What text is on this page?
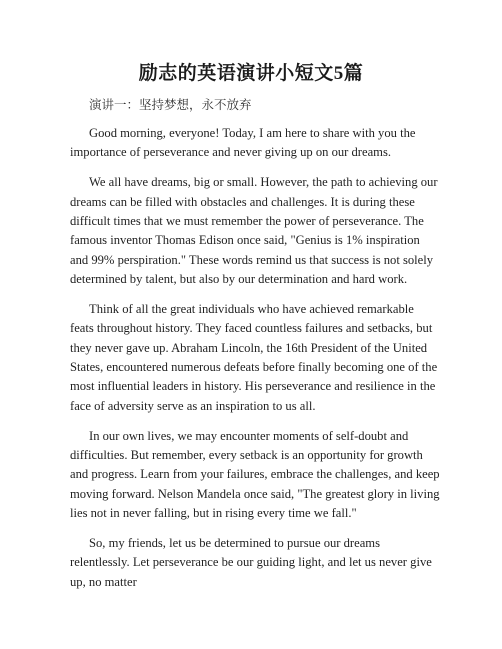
励志的英语演讲小短文5篇
演讲一：坚持梦想，永不放弃

Good morning, everyone! Today, I am here to share with you the importance of perseverance and never giving up on our dreams.

We all have dreams, big or small. However, the path to achieving our dreams can be filled with obstacles and challenges. It is during these difficult times that we must remember the power of perseverance. The famous inventor Thomas Edison once said, "Genius is 1% inspiration and 99% perspiration." These words remind us that success is not solely determined by talent, but also by our determination and hard work.

Think of all the great individuals who have achieved remarkable feats throughout history. They faced countless failures and setbacks, but they never gave up. Abraham Lincoln, the 16th President of the United States, encountered numerous defeats before finally becoming one of the most influential leaders in history. His perseverance and resilience in the face of adversity serve as an inspiration to us all.

In our own lives, we may encounter moments of self-doubt and difficulties. But remember, every setback is an opportunity for growth and progress. Learn from your failures, embrace the challenges, and keep moving forward. Nelson Mandela once said, "The greatest glory in living lies not in never falling, but in rising every time we fall."

So, my friends, let us be determined to pursue our dreams relentlessly. Let perseverance be our guiding light, and let us never give up, no matter
